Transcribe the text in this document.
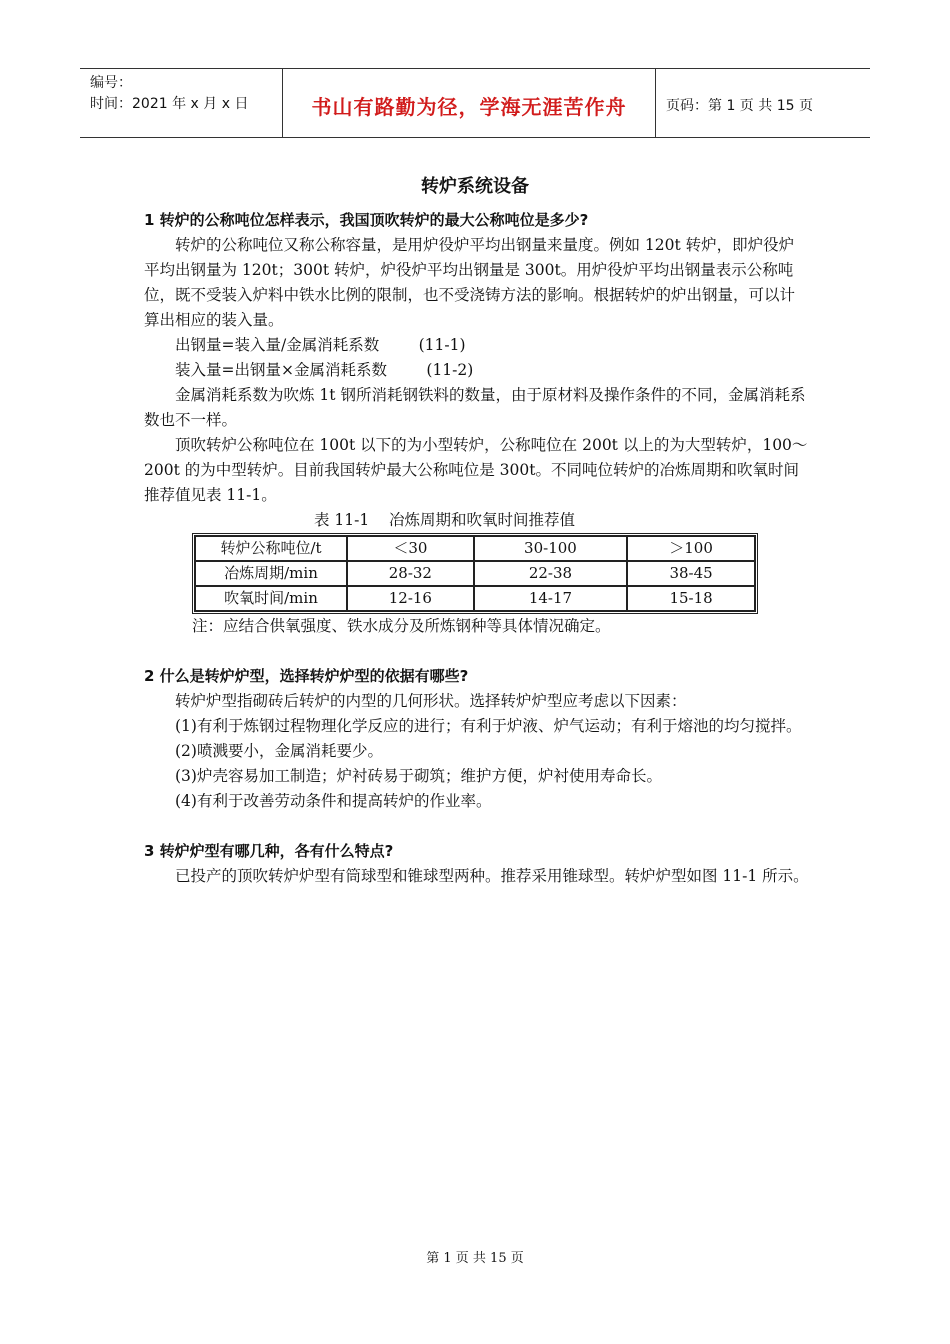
编号：
时间：2021 年 x 月 x 日	书山有路勤为径，学海无涯苦作舟	页码：第 1 页 共 15 页
转炉系统设备

1 转炉的公称吨位怎样表示，我国顶吹转炉的最大公称吨位是多少?

转炉的公称吨位又称公称容量，是用炉役炉平均出钢量来量度。例如 120t 转炉，即炉役炉平均出钢量为 120t；300t 转炉，炉役炉平均出钢量是 300t。用炉役炉平均出钢量表示公称吨位，既不受装入炉料中铁水比例的限制，也不受浇铸方法的影响。根据转炉的炉出钢量，可以计算出相应的装入量。

出钢量=装入量/金属消耗系数        (11-1)

装入量=出钢量×金属消耗系数        (11-2)

金属消耗系数为吹炼 1t 钢所消耗钢铁料的数量，由于原材料及操作条件的不同，金属消耗系数也不一样。

顶吹转炉公称吨位在 100t 以下的为小型转炉，公称吨位在 200t 以上的为大型转炉，100～200t 的为中型转炉。目前我国转炉最大公称吨位是 300t。不同吨位转炉的冶炼周期和吹氧时间推荐值见表 11-1。

表 11-1    冶炼周期和吹氧时间推荐值

转炉公称吨位/t	＜30	30-100	＞100
冶炼周期/min	28-32	22-38	38-45
吹氧时间/min	12-16	14-17	15-18

注：应结合供氧强度、铁水成分及所炼钢种等具体情况确定。

2 什么是转炉炉型，选择转炉炉型的依据有哪些?

转炉炉型指砌砖后转炉的内型的几何形状。选择转炉炉型应考虑以下因素：

(1)有利于炼钢过程物理化学反应的进行；有利于炉液、炉气运动；有利于熔池的均匀搅拌。

(2)喷溅要小，金属消耗要少。

(3)炉壳容易加工制造；炉衬砖易于砌筑；维护方便，炉衬使用寿命长。

(4)有利于改善劳动条件和提高转炉的作业率。

3 转炉炉型有哪几种，各有什么特点?

已投产的顶吹转炉炉型有筒球型和锥球型两种。推荐采用锥球型。转炉炉型如图 11-1 所示。

第 1 页 共 15 页
